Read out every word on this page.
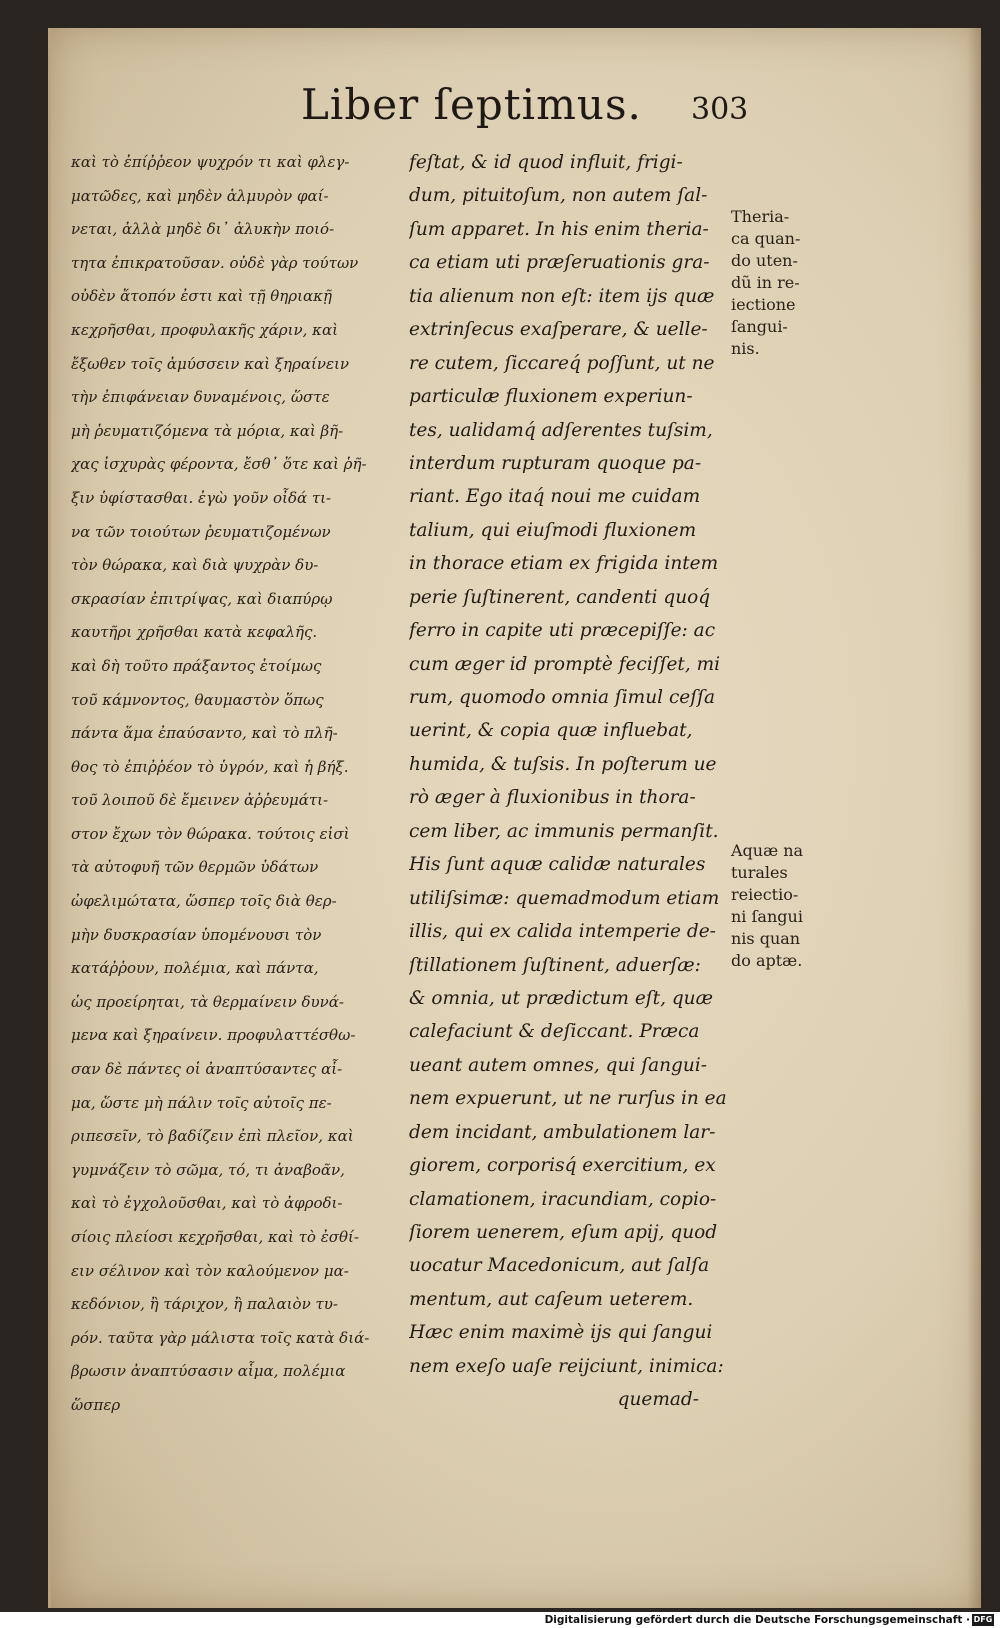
Liber ſeptimus. 303
καὶ τὸ ἐπίῤῥεον ψυχρόν τι καὶ φλεγ-
ματῶδες, καὶ μηδὲν ἁλμυρὸν φαί-
νεται, ἀλλὰ μηδὲ δι᾽ ἁλυκὴν ποιό-
τητα ἐπικρατοῦσαν. οὐδὲ γὰρ τούτων
οὐδὲν ἄτοπόν ἐστι καὶ τῇ θηριακῇ
κεχρῆσθαι, προφυλακῆς χάριν, καὶ
ἔξωθεν τοῖς ἀμύσσειν καὶ ξηραίνειν
τὴν ἐπιφάνειαν δυναμένοις, ὥστε
μὴ ῥευματιζόμενα τὰ μόρια, καὶ βῆ-
χας ἰσχυρὰς φέροντα, ἔσθ᾽ ὅτε καὶ ῥῆ-
ξιν ὑφίστασθαι. ἐγὼ γοῦν οἶδά τι-
να τῶν τοιούτων ῥευματιζομένων
τὸν θώρακα, καὶ διὰ ψυχρὰν δυ-
σκρασίαν ἐπιτρίψας, καὶ διαπύρῳ
καυτῆρι χρῆσθαι κατὰ κεφαλῆς.
καὶ δὴ τοῦτο πράξαντος ἑτοίμως
τοῦ κάμνοντος, θαυμαστὸν ὅπως
πάντα ἅμα ἐπαύσαντο, καὶ τὸ πλῆ-
θος τὸ ἐπιῤῥέον τὸ ὑγρόν, καὶ ἡ βήξ.
τοῦ λοιποῦ δὲ ἔμεινεν ἀῤῥευμάτι-
στον ἔχων τὸν θώρακα. τούτοις εἰσὶ
τὰ αὐτοφυῆ τῶν θερμῶν ὑδάτων
ὠφελιμώτατα, ὥσπερ τοῖς διὰ θερ-
μὴν δυσκρασίαν ὑπομένουσι τὸν
κατάῤῥουν, πολέμια, καὶ πάντα,
ὡς προείρηται, τὰ θερμαίνειν δυνά-
μενα καὶ ξηραίνειν. προφυλαττέσθω-
σαν δὲ πάντες οἱ ἀναπτύσαντες αἷ-
μα, ὥστε μὴ πάλιν τοῖς αὐτοῖς πε-
ριπεσεῖν, τὸ βαδίζειν ἐπὶ πλεῖον, καὶ
γυμνάζειν τὸ σῶμα, τό, τι ἀναβοᾶν,
καὶ τὸ ἐγχολοῦσθαι, καὶ τὸ ἀφροδι-
σίοις πλείοσι κεχρῆσθαι, καὶ τὸ ἐσθί-
ειν σέλινον καὶ τὸν καλούμενον μα-
κεδόνιον, ἢ τάριχον, ἢ παλαιὸν τυ-
ρόν. ταῦτα γὰρ μάλιστα τοῖς κατὰ διά-
βρωσιν ἀναπτύσασιν αἷμα, πολέμια
ὥσπερ
feſtat, & id quod influit, frigi-
dum, pituitoſum, non autem ſal-
ſum apparet. In his enim theria-
ca etiam uti præſeruationis gra-
tia alienum non eſt: item ijs quæ
extrinſecus exaſperare, & uelle-
re cutem, ſiccareq́ poſſunt, ut ne
particulæ fluxionem experiun-
tes, ualidamq́ adſerentes tuſsim,
interdum rupturam quoque pa-
riant. Ego itaq́ noui me cuidam
talium, qui eiuſmodi fluxionem
in thorace etiam ex frigida intem
perie ſuſtinerent, candenti quoq́
ferro in capite uti præcepiſſe: ac
cum æger id promptè feciſſet, mi
rum, quomodo omnia ſimul ceſſa
uerint, & copia quæ influebat,
humida, & tuſsis. In poſterum ue
rò æger à fluxionibus in thora-
cem liber, ac immunis permanſit.
His ſunt aquæ calidæ naturales
utiliſsimæ: quemadmodum etiam
illis, qui ex calida intemperie de-
ſtillationem ſuſtinent, aduerſæ:
& omnia, ut prædictum eſt, quæ
calefaciunt & deſiccant. Præca
ueant autem omnes, qui ſangui-
nem expuerunt, ut ne rurſus in ea
dem incidant, ambulationem lar-
giorem, corporisq́ exercitium, ex
clamationem, iracundiam, copio-
ſiorem uenerem, eſum apij, quod
uocatur Macedonicum, aut ſalſa
mentum, aut caſeum ueterem.
Hæc enim maximè ijs qui ſangui
nem exeſo uaſe reijciunt, inimica:
quemad-
Theria-
ca quan-
do uten-
dũ in re-
iectione
ſangui-
nis.
Aquæ na
turales
reiectio-
ni ſangui
nis quan
do aptæ.
Digitalisierung gefördert durch die Deutsche Forschungsgemeinschaft · DFG
